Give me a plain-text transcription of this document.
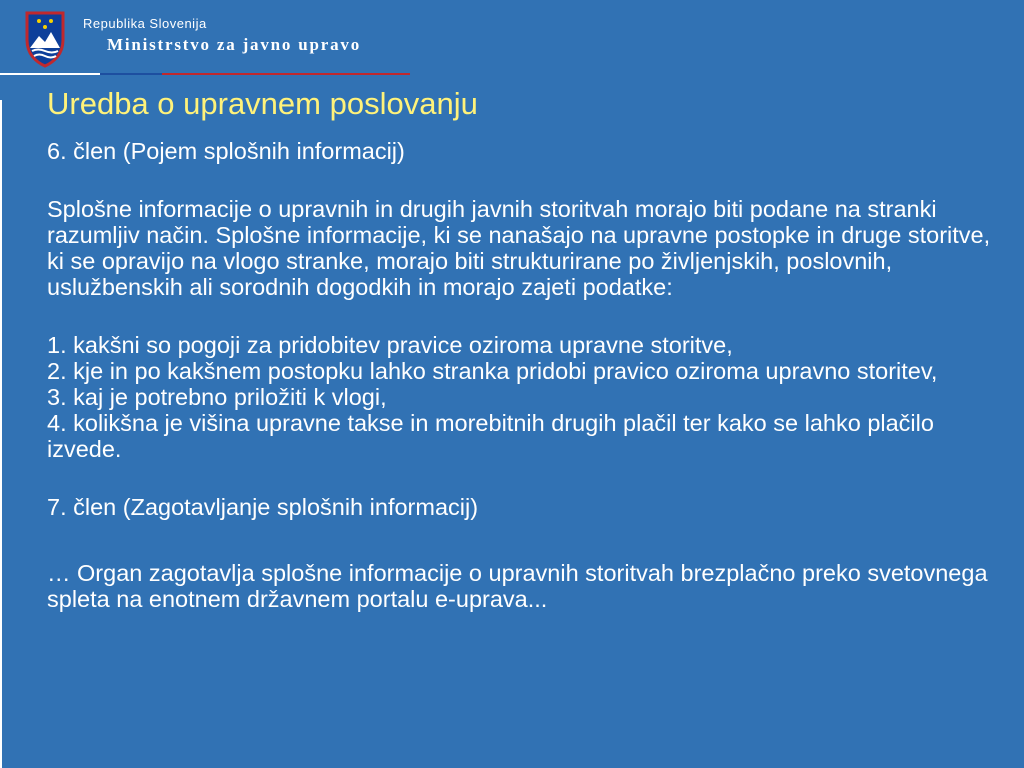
Republika Slovenija
Ministrstvo za javno upravo
Uredba o upravnem poslovanju

6. člen (Pojem splošnih informacij)

Splošne informacije o upravnih in drugih javnih storitvah morajo biti podane na stranki razumljiv način. Splošne informacije, ki se nanašajo na upravne postopke in druge storitve, ki se opravijo na vlogo stranke, morajo biti strukturirane po življenjskih, poslovnih, uslužbenskih ali sorodnih dogodkih in morajo zajeti podatke:

1. kakšni so pogoji za pridobitev pravice oziroma upravne storitve,
2. kje in po kakšnem postopku lahko stranka pridobi pravico oziroma upravno storitev,
3. kaj je potrebno priložiti k vlogi,
4. kolikšna je višina upravne takse in morebitnih drugih plačil ter kako se lahko plačilo izvede.

7. člen (Zagotavljanje splošnih informacij)

… Organ zagotavlja splošne informacije o upravnih storitvah brezplačno preko svetovnega spleta na enotnem državnem portalu e-uprava...
